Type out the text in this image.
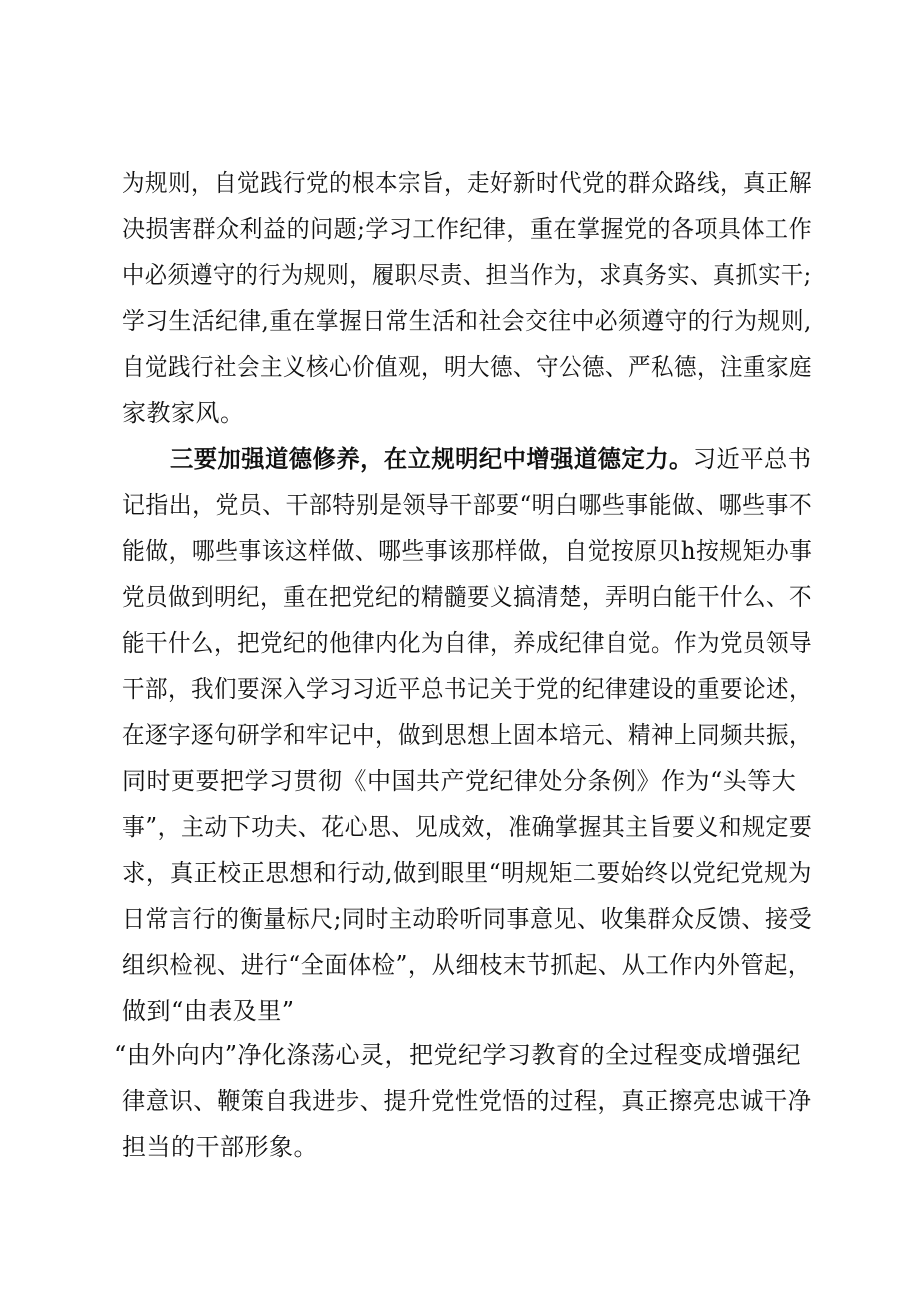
为规则，自觉践行党的根本宗旨，走好新时代党的群众路线，真正解
决损害群众利益的问题;学习工作纪律，重在掌握党的各项具体工作
中必须遵守的行为规则，履职尽责、担当作为，求真务实、真抓实干;
学习生活纪律,重在掌握日常生活和社会交往中必须遵守的行为规则,
自觉践行社会主义核心价值观，明大德、守公德、严私德，注重家庭
家教家风。
三要加强道德修养，在立规明纪中增强道德定力。习近平总书
记指出，党员、干部特别是领导干部要“明白哪些事能做、哪些事不
能做，哪些事该这样做、哪些事该那样做，自觉按原贝h按规矩办事
党员做到明纪，重在把党纪的精髓要义搞清楚，弄明白能干什么、不
能干什么，把党纪的他律内化为自律，养成纪律自觉。作为党员领导
干部，我们要深入学习习近平总书记关于党的纪律建设的重要论述，
在逐字逐句研学和牢记中，做到思想上固本培元、精神上同频共振，
同时更要把学习贯彻《中国共产党纪律处分条例》作为“头等大
事”，主动下功夫、花心思、见成效，准确掌握其主旨要义和规定要
求，真正校正思想和行动,做到眼里“明规矩二要始终以党纪党规为
日常言行的衡量标尺;同时主动聆听同事意见、收集群众反馈、接受
组织检视、进行“全面体检”，从细枝末节抓起、从工作内外管起，
做到“由表及里”
“由外向内”净化涤荡心灵，把党纪学习教育的全过程变成增强纪
律意识、鞭策自我进步、提升党性党悟的过程，真正擦亮忠诚干净
担当的干部形象。
